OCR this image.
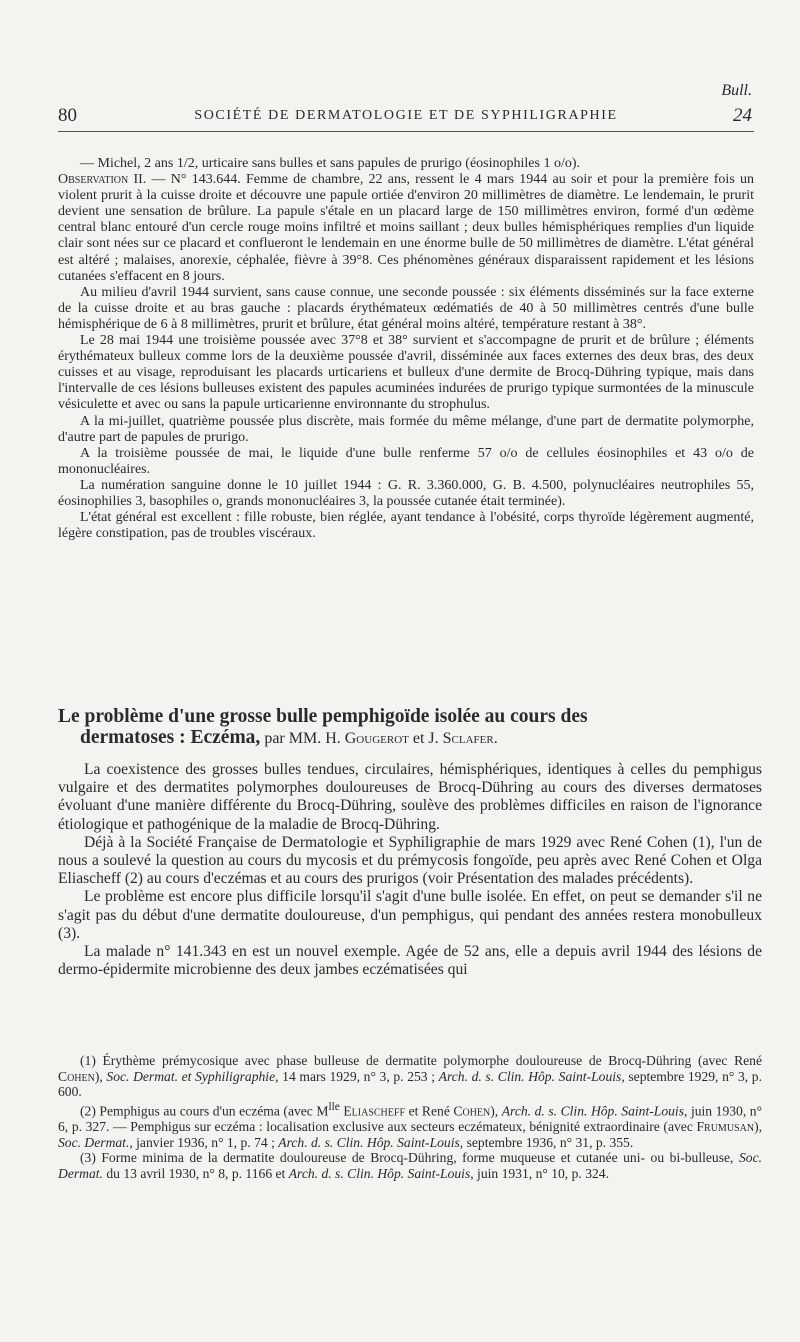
Bull.
80	SOCIÉTÉ DE DERMATOLOGIE ET DE SYPHILIGRAPHIE	24

— Michel, 2 ans 1/2, urticaire sans bulles et sans papules de prurigo (éosinophiles 1 o/o).

Observation II. — N° 143.644. Femme de chambre, 22 ans, ressent le 4 mars 1944 au soir et pour la première fois un violent prurit à la cuisse droite et découvre une papule ortiée d'environ 20 millimètres de diamètre. Le lendemain, le prurit devient une sensation de brûlure. La papule s'étale en un placard large de 150 millimètres environ, formé d'un œdème central blanc entouré d'un cercle rouge moins infiltré et moins saillant ; deux bulles hémisphériques remplies d'un liquide clair sont nées sur ce placard et conflueront le lendemain en une énorme bulle de 50 millimètres de diamètre. L'état général est altéré ; malaises, anorexie, céphalée, fièvre à 39°8. Ces phénomènes généraux disparaissent rapidement et les lésions cutanées s'effacent en 8 jours.

Au milieu d'avril 1944 survient, sans cause connue, une seconde poussée : six éléments disséminés sur la face externe de la cuisse droite et au bras gauche : placards érythémateux œdématiés de 40 à 50 millimètres centrés d'une bulle hémisphérique de 6 à 8 millimètres, prurit et brûlure, état général moins altéré, température restant à 38°.

Le 28 mai 1944 une troisième poussée avec 37°8 et 38° survient et s'accompagne de prurit et de brûlure ; éléments érythémateux bulleux comme lors de la deuxième poussée d'avril, disséminée aux faces externes des deux bras, des deux cuisses et au visage, reproduisant les placards urticariens et bulleux d'une dermite de Brocq-Dühring typique, mais dans l'intervalle de ces lésions bulleuses existent des papules acuminées indurées de prurigo typique surmontées de la minuscule vésiculette et avec ou sans la papule urticarienne environnante du strophulus.

A la mi-juillet, quatrième poussée plus discrète, mais formée du même mélange, d'une part de dermatite polymorphe, d'autre part de papules de prurigo.

A la troisième poussée de mai, le liquide d'une bulle renferme 57 o/o de cellules éosinophiles et 43 o/o de mononucléaires.

La numération sanguine donne le 10 juillet 1944 : G. R. 3.360.000, G. B. 4.500, polynucléaires neutrophiles 55, éosinophilies 3, basophiles o, grands mononucléaires 3, la poussée cutanée était terminée).

L'état général est excellent : fille robuste, bien réglée, ayant tendance à l'obésité, corps thyroïde légèrement augmenté, légère constipation, pas de troubles viscéraux.

Le problème d'une grosse bulle pemphigoïde isolée au cours des
dermatoses : Eczéma, par MM. H. Gougerot et J. Sclafer.

La coexistence des grosses bulles tendues, circulaires, hémisphériques, identiques à celles du pemphigus vulgaire et des dermatites polymorphes douloureuses de Brocq-Dühring au cours des diverses dermatoses évoluant d'une manière différente du Brocq-Dühring, soulève des problèmes difficiles en raison de l'ignorance étiologique et pathogénique de la maladie de Brocq-Dühring.

Déjà à la Société Française de Dermatologie et Syphiligraphie de mars 1929 avec René Cohen (1), l'un de nous a soulevé la question au cours du mycosis et du prémycosis fongoïde, peu après avec René Cohen et Olga Eliascheff (2) au cours d'eczémas et au cours des prurigos (voir Présentation des malades précédents).

Le problème est encore plus difficile lorsqu'il s'agit d'une bulle isolée. En effet, on peut se demander s'il ne s'agit pas du début d'une dermatite douloureuse, d'un pemphigus, qui pendant des années restera monobulleux (3).

La malade n° 141.343 en est un nouvel exemple. Agée de 52 ans, elle a depuis avril 1944 des lésions de dermo-épidermite microbienne des deux jambes eczématisées qui

(1) Érythème prémycosique avec phase bulleuse de dermatite polymorphe douloureuse de Brocq-Dühring (avec René Cohen), Soc. Dermat. et Syphiligraphie, 14 mars 1929, n° 3, p. 253 ; Arch. d. s. Clin. Hôp. Saint-Louis, septembre 1929, n° 3, p. 600.

(2) Pemphigus au cours d'un eczéma (avec $M^{lle}$ Eliascheff et René Cohen), Arch. d. s. Clin. Hôp. Saint-Louis, juin 1930, n° 6, p. 327. — Pemphigus sur eczéma : localisation exclusive aux secteurs eczémateux, bénignité extraordinaire (avec Frumusan), Soc. Dermat., janvier 1936, n° 1, p. 74 ; Arch. d. s. Clin. Hôp. Saint-Louis, septembre 1936, n° 31, p. 355.

(3) Forme minima de la dermatite douloureuse de Brocq-Dühring, forme muqueuse et cutanée uni- ou bi-bulleuse, Soc. Dermat. du 13 avril 1930, n° 8, p. 1166 et Arch. d. s. Clin. Hôp. Saint-Louis, juin 1931, n° 10, p. 324.
